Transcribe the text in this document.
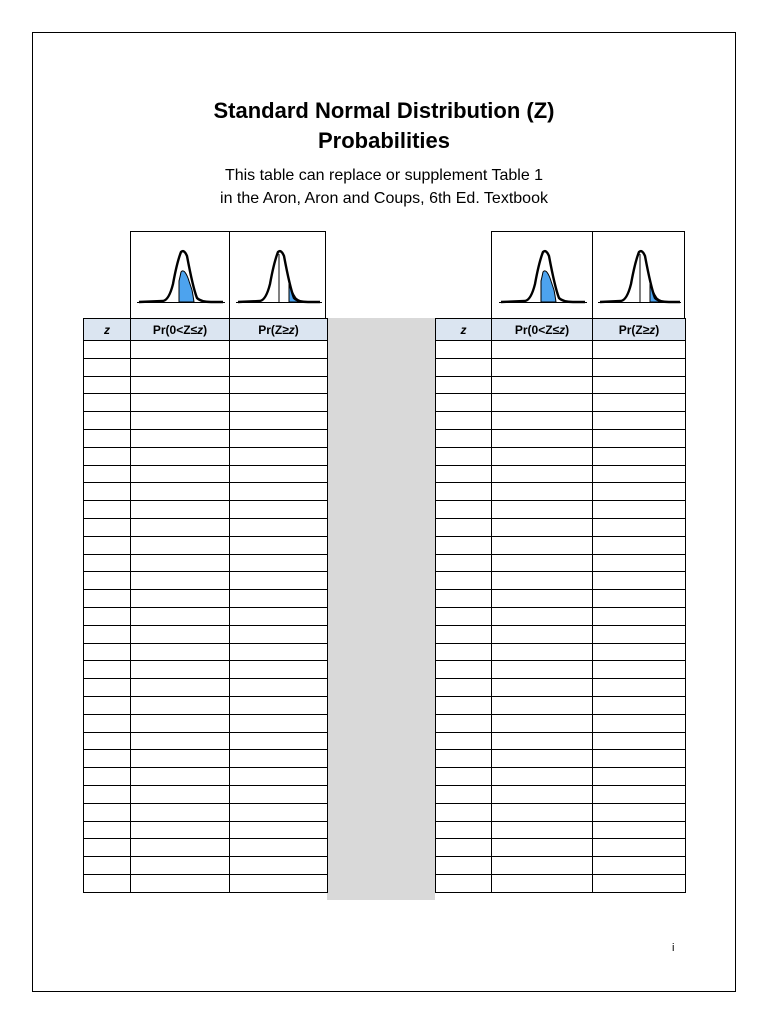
Standard Normal Distribution (Z)
Probabilities
This table can replace or supplement Table 1
in the Aron, Aron and Coups, 6th Ed. Textbook
z	Pr(0<Z≤z)	Pr(Z≥z)

			z	Pr(0<Z≤z)	Pr(Z≥z)

i
